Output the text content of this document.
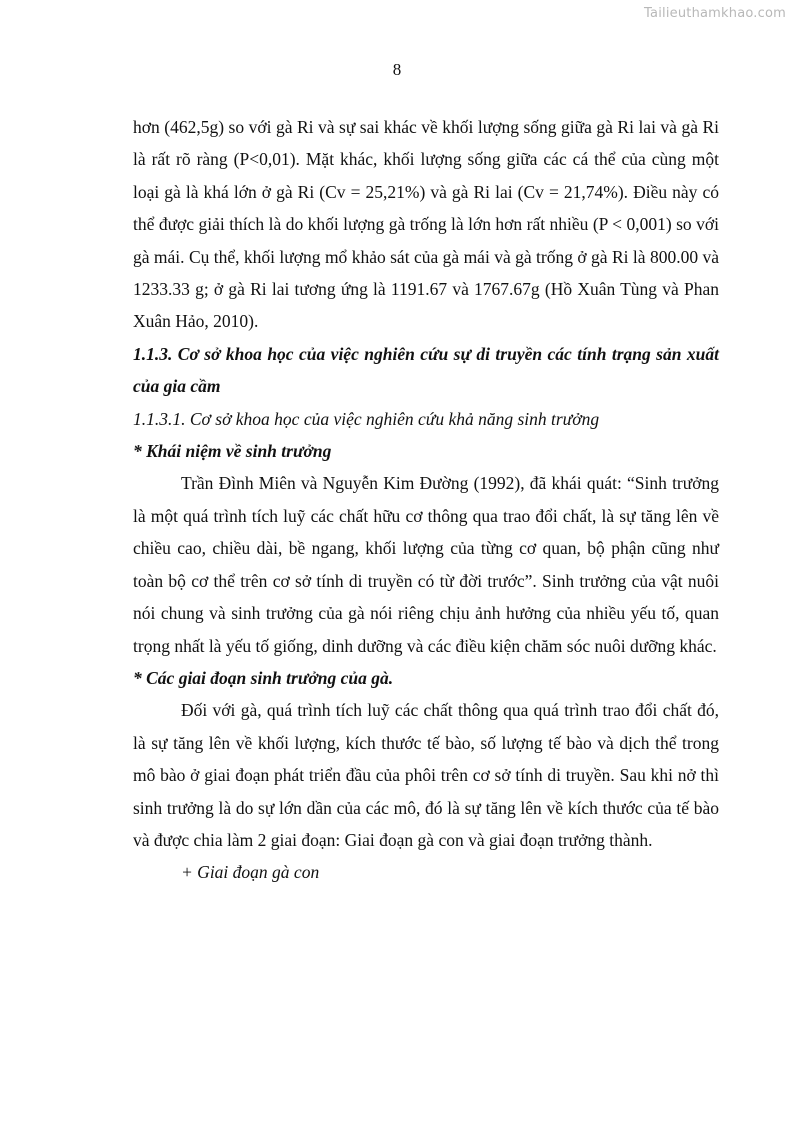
Tailieuthamkhao.com
8

hơn (462,5g) so với gà Ri và sự sai khác về khối lượng sống giữa gà Ri lai và gà Ri là rất rõ ràng (P<0,01). Mặt khác, khối lượng sống giữa các cá thể của cùng một loại gà là khá lớn ở gà Ri (Cv = 25,21%) và gà Ri lai (Cv = 21,74%). Điều này có thể được giải thích là do khối lượng gà trống là lớn hơn rất nhiều (P < 0,001) so với gà mái. Cụ thể, khối lượng mổ khảo sát của gà mái và gà trống ở gà Ri là 800.00 và 1233.33 g; ở gà Ri lai tương ứng là 1191.67 và 1767.67g (Hồ Xuân Tùng và Phan Xuân Hảo, 2010).

1.1.3. Cơ sở khoa học của việc nghiên cứu sự di truyền các tính trạng sản xuất của gia cầm

1.1.3.1. Cơ sở khoa học của việc nghiên cứu khả năng sinh trưởng

* Khái niệm về sinh trưởng

Trần Đình Miên và Nguyễn Kim Đường (1992), đã khái quát: “Sinh trưởng là một quá trình tích luỹ các chất hữu cơ thông qua trao đổi chất, là sự tăng lên về chiều cao, chiều dài, bề ngang, khối lượng của từng cơ quan, bộ phận cũng như toàn bộ cơ thể trên cơ sở tính di truyền có từ đời trước”. Sinh trưởng của vật nuôi nói chung và sinh trưởng của gà nói riêng chịu ảnh hưởng của nhiều yếu tố, quan trọng nhất là yếu tố giống, dinh dưỡng và các điều kiện chăm sóc nuôi dưỡng khác.

* Các giai đoạn sinh trưởng của gà.

Đối với gà, quá trình tích luỹ các chất thông qua quá trình trao đổi chất đó, là sự tăng lên về khối lượng, kích thước tế bào, số lượng tế bào và dịch thể trong mô bào ở giai đoạn phát triển đầu của phôi trên cơ sở tính di truyền. Sau khi nở thì sinh trưởng là do sự lớn dần của các mô, đó là sự tăng lên về kích thước của tế bào và được chia làm 2 giai đoạn: Giai đoạn gà con và giai đoạn trưởng thành.

+ Giai đoạn gà con
